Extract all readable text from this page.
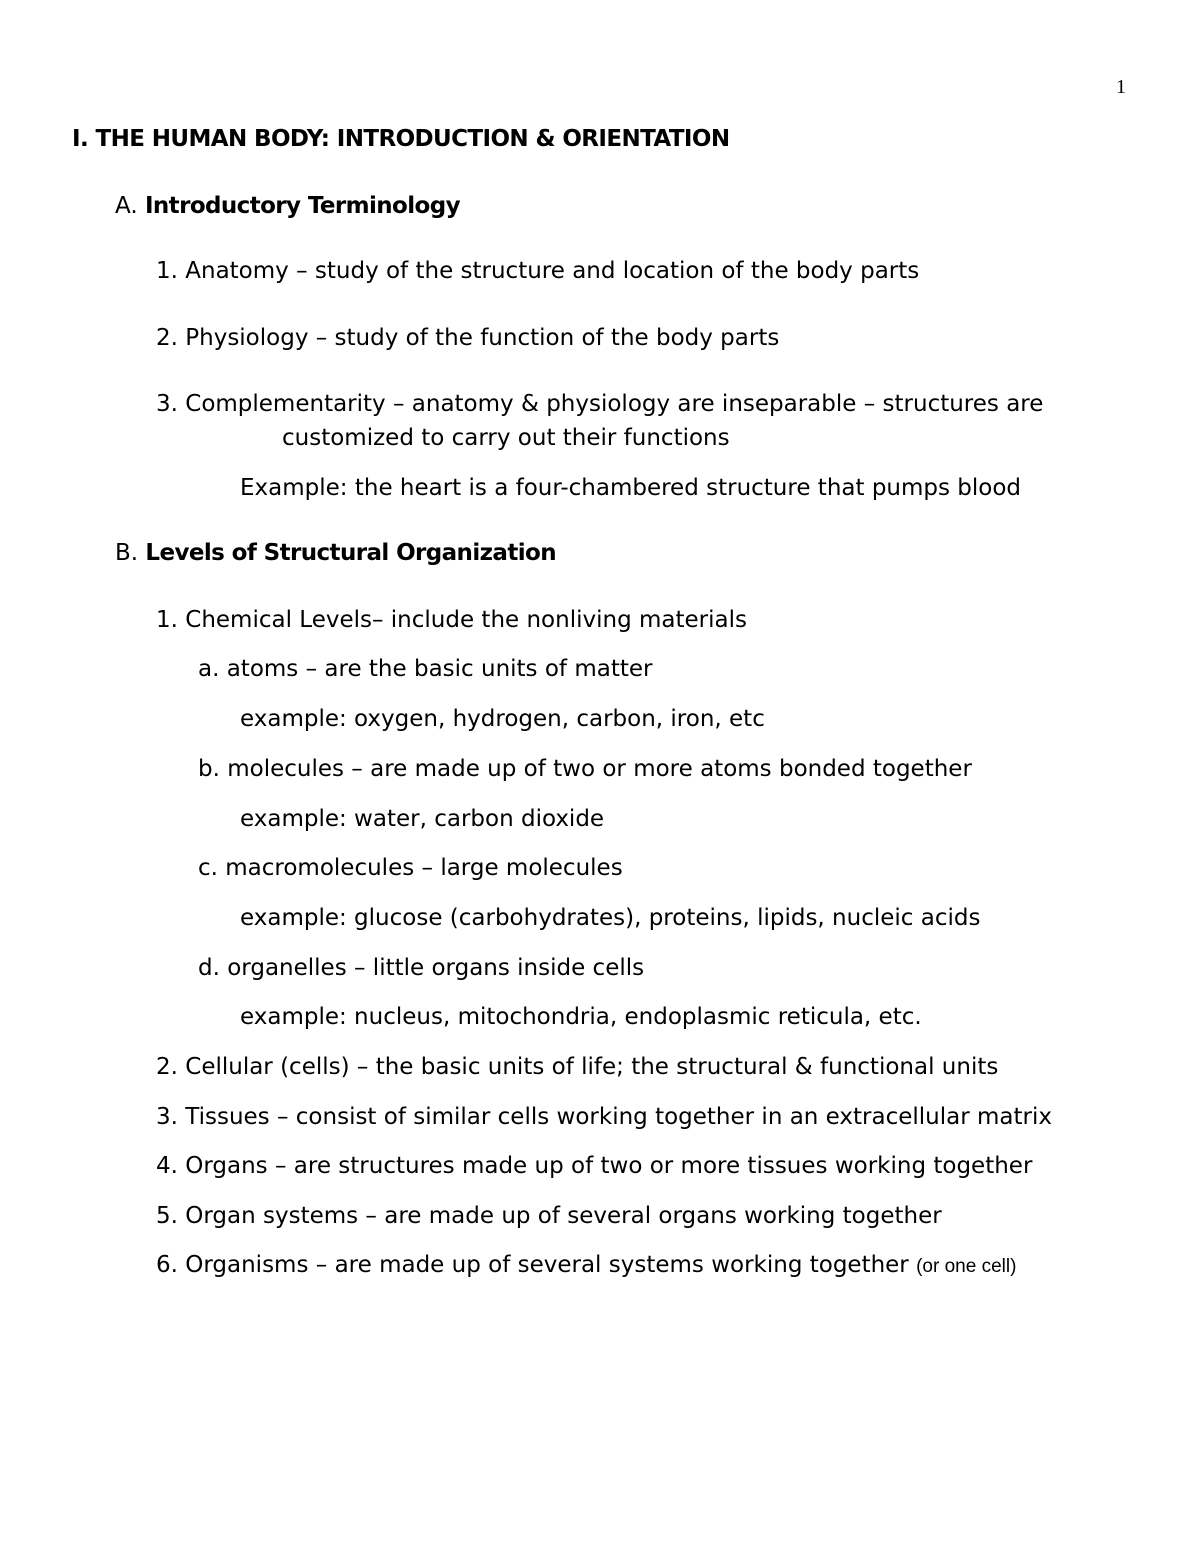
1
I. THE HUMAN BODY: INTRODUCTION & ORIENTATION
A. Introductory Terminology
1. Anatomy – study of the structure and location of the body parts
2. Physiology – study of the function of the body parts
3. Complementarity – anatomy & physiology are inseparable – structures are
customized to carry out their functions
Example: the heart is a four-chambered structure that pumps blood
B. Levels of Structural Organization
1. Chemical Levels– include the nonliving materials
a. atoms – are the basic units of matter
example: oxygen, hydrogen, carbon, iron, etc
b. molecules – are made up of two or more atoms bonded together
example: water, carbon dioxide
c. macromolecules – large molecules
example: glucose (carbohydrates), proteins, lipids, nucleic acids
d. organelles – little organs inside cells
example: nucleus, mitochondria, endoplasmic reticula, etc.
2. Cellular (cells) – the basic units of life; the structural & functional units
3. Tissues – consist of similar cells working together in an extracellular matrix
4. Organs – are structures made up of two or more tissues working together
5. Organ systems – are made up of several organs working together
6. Organisms – are made up of several systems working together (or one cell)
